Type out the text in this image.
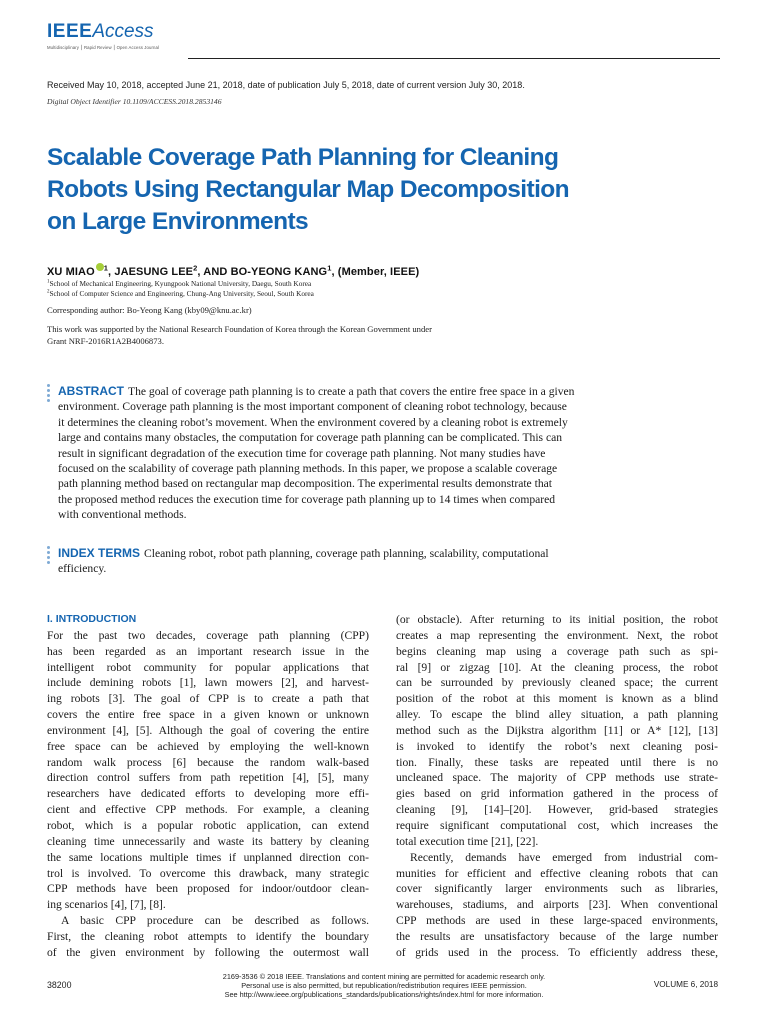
IEEEAccess
Multidisciplinary ⎮ Rapid Review ⎮ Open Access Journal
Received May 10, 2018, accepted June 21, 2018, date of publication July 5, 2018, date of current version July 30, 2018.
Digital Object Identifier 10.1109/ACCESS.2018.2853146
Scalable Coverage Path Planning for Cleaning
Robots Using Rectangular Map Decomposition
on Large Environments
XU MIAO $^1$, JAESUNG LEE$^2$, AND BO-YEONG KANG$^1$, (Member, IEEE)
$^1$School of Mechanical Engineering, Kyungpook National University, Daegu, South Korea
$^2$School of Computer Science and Engineering, Chung-Ang University, Seoul, South Korea
Corresponding author: Bo-Yeong Kang (kby09@knu.ac.kr)
This work was supported by the National Research Foundation of Korea through the Korean Government under
Grant NRF-2016R1A2B4006873.
ABSTRACT The goal of coverage path planning is to create a path that covers the entire free space in a given
environment. Coverage path planning is the most important component of cleaning robot technology, because
it determines the cleaning robot’s movement. When the environment covered by a cleaning robot is extremely
large and contains many obstacles, the computation for coverage path planning can be complicated. This can
result in significant degradation of the execution time for coverage path planning. Not many studies have
focused on the scalability of coverage path planning methods. In this paper, we propose a scalable coverage
path planning method based on rectangular map decomposition. The experimental results demonstrate that
the proposed method reduces the execution time for coverage path planning up to 14 times when compared
with conventional methods.
INDEX TERMS Cleaning robot, robot path planning, coverage path planning, scalability, computational
efficiency.
I. INTRODUCTION
For the past two decades, coverage path planning (CPP)
has been regarded as an important research issue in the
intelligent robot community for popular applications that
include demining robots [1], lawn mowers [2], and harvest-
ing robots [3]. The goal of CPP is to create a path that
covers the entire free space in a given known or unknown
environment [4], [5]. Although the goal of covering the entire
free space can be achieved by employing the well-known
random walk process [6] because the random walk-based
direction control suffers from path repetition [4], [5], many
researchers have dedicated efforts to developing more effi-
cient and effective CPP methods. For example, a cleaning
robot, which is a popular robotic application, can extend
cleaning time unnecessarily and waste its battery by cleaning
the same locations multiple times if unplanned direction con-
trol is involved. To overcome this drawback, many strategic
CPP methods have been proposed for indoor/outdoor clean-
ing scenarios [4], [7], [8].
A basic CPP procedure can be described as follows.
First, the cleaning robot attempts to identify the boundary
of the given environment by following the outermost wall
(or obstacle). After returning to its initial position, the robot
creates a map representing the environment. Next, the robot
begins cleaning map using a coverage path such as spi-
ral [9] or zigzag [10]. At the cleaning process, the robot
can be surrounded by previously cleaned space; the current
position of the robot at this moment is known as a blind
alley. To escape the blind alley situation, a path planning
method such as the Dijkstra algorithm [11] or A* [12], [13]
is invoked to identify the robot’s next cleaning posi-
tion. Finally, these tasks are repeated until there is no
uncleaned space. The majority of CPP methods use strate-
gies based on grid information gathered in the process of
cleaning [9], [14]–[20]. However, grid-based strategies
require significant computational cost, which increases the
total execution time [21], [22].
Recently, demands have emerged from industrial com-
munities for efficient and effective cleaning robots that can
cover significantly larger environments such as libraries,
warehouses, stadiums, and airports [23]. When conventional
CPP methods are used in these large-spaced environments,
the results are unsatisfactory because of the large number
of grids used in the process. To efficiently address these,
38200
2169-3536 © 2018 IEEE. Translations and content mining are permitted for academic research only.
Personal use is also permitted, but republication/redistribution requires IEEE permission.
See http://www.ieee.org/publications_standards/publications/rights/index.html for more information.
VOLUME 6, 2018
